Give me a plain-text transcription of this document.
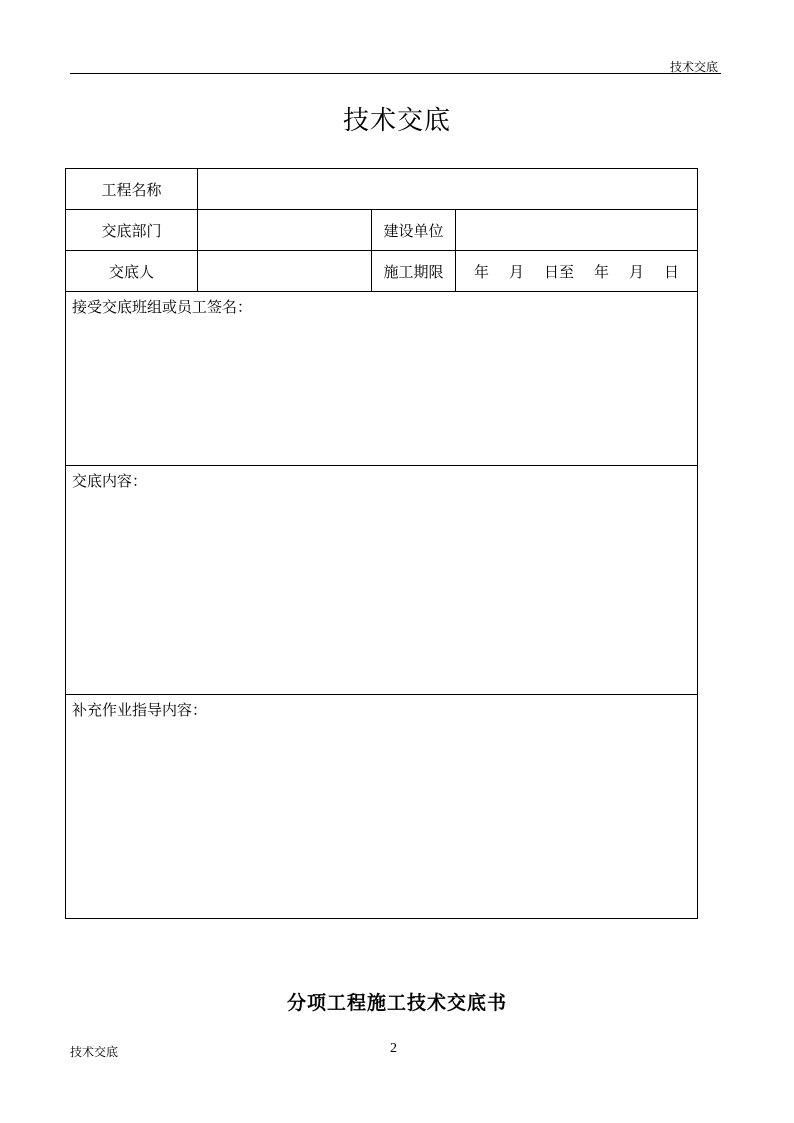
技术交底
技术交底
工程名称			
交底部门		建设单位	
交底人		施工期限	年 月 日至 年 月 日
接受交底班组或员工签名：			
交底内容：			
补充作业指导内容：			
分项工程施工技术交底书
技术交底	2
